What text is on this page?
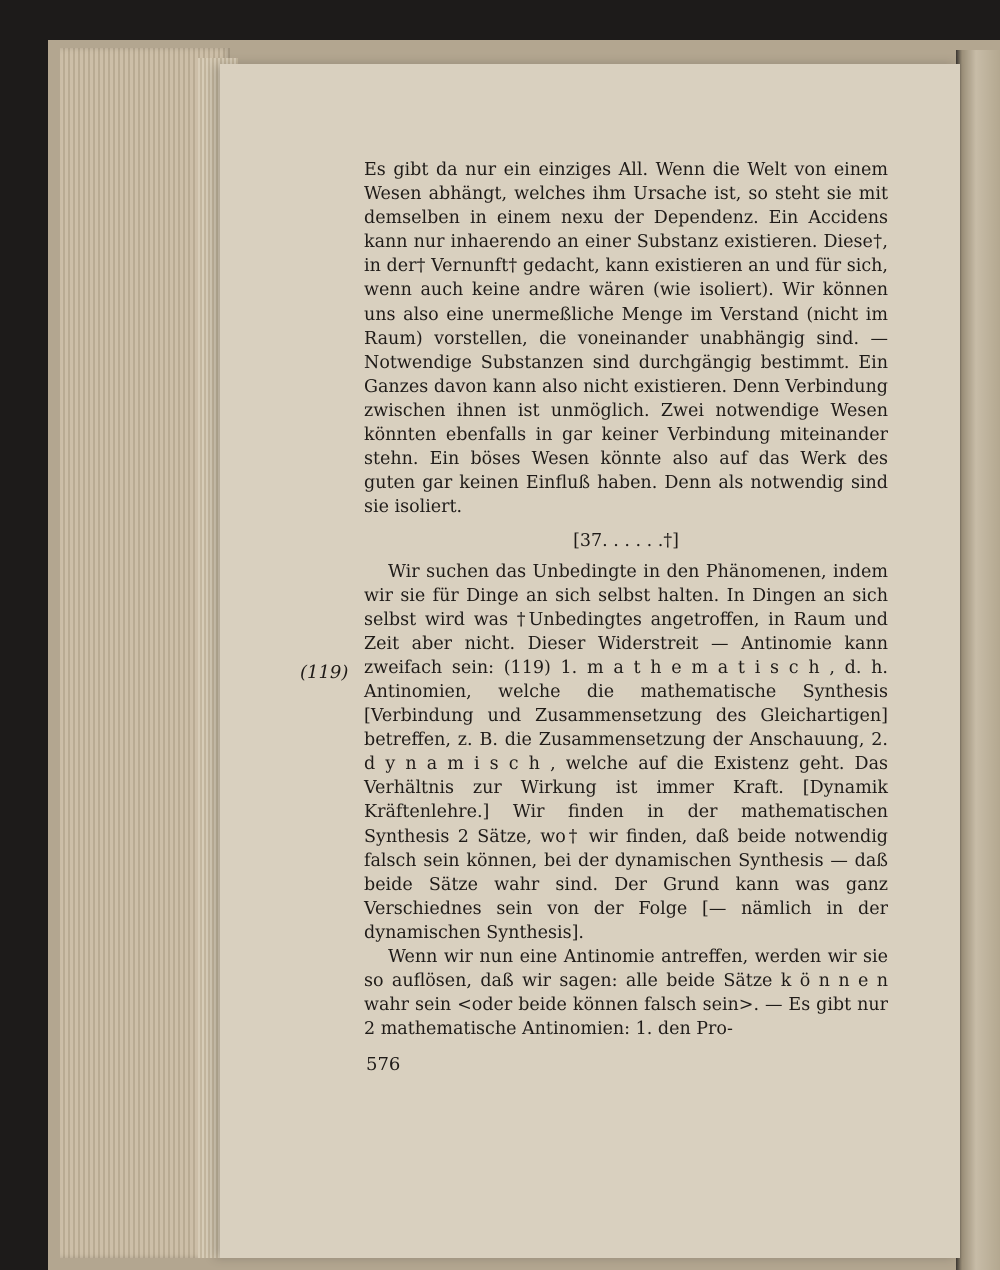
Es gibt da nur ein einziges All. Wenn die Welt von einem Wesen abhängt, welches ihm Ursache ist, so steht sie mit demselben in einem nexu der Dependenz. Ein Accidens kann nur inhaerendo an einer Substanz existieren. Diese†, in der† Vernunft† gedacht, kann existieren an und für sich, wenn auch keine andre wären (wie isoliert). Wir können uns also eine unermeßliche Menge im Verstand (nicht im Raum) vorstellen, die voneinander unabhängig sind. — Notwendige Substanzen sind durchgängig bestimmt. Ein Ganzes davon kann also nicht existieren. Denn Verbindung zwischen ihnen ist unmöglich. Zwei notwendige Wesen könnten ebenfalls in gar keiner Verbindung miteinander stehn. Ein böses Wesen könnte also auf das Werk des guten gar keinen Einfluß haben. Denn als notwendig sind sie isoliert.

[37. . . . . .†]

Wir suchen das Unbedingte in den Phänomenen, indem wir sie für Dinge an sich selbst halten. In Dingen an sich selbst wird was †Unbedingtes angetroffen, in Raum und Zeit aber nicht. Dieser Widerstreit — Antinomie kann zweifach sein: (119) 1. m a t h e m a t i s c h , d. h. Antinomien, welche die mathematische Synthesis [Verbindung und Zusammensetzung des Gleichartigen] betreffen, z. B. die Zusammensetzung der Anschauung, 2. d y n a m i s c h , welche auf die Existenz geht. Das Verhältnis zur Wirkung ist immer Kraft. [Dynamik Kräftenlehre.] Wir finden in der mathematischen Synthesis 2 Sätze, wo† wir finden, daß beide notwendig falsch sein können, bei der dynamischen Synthesis — daß beide Sätze wahr sind. Der Grund kann was ganz Verschiednes sein von der Folge [— nämlich in der dynamischen Synthesis].

Wenn wir nun eine Antinomie antreffen, werden wir sie so auflösen, daß wir sagen: alle beide Sätze k ö n n e n wahr sein <oder beide können falsch sein>. — Es gibt nur 2 mathematische Antinomien: 1. den Pro-

(119)
576
